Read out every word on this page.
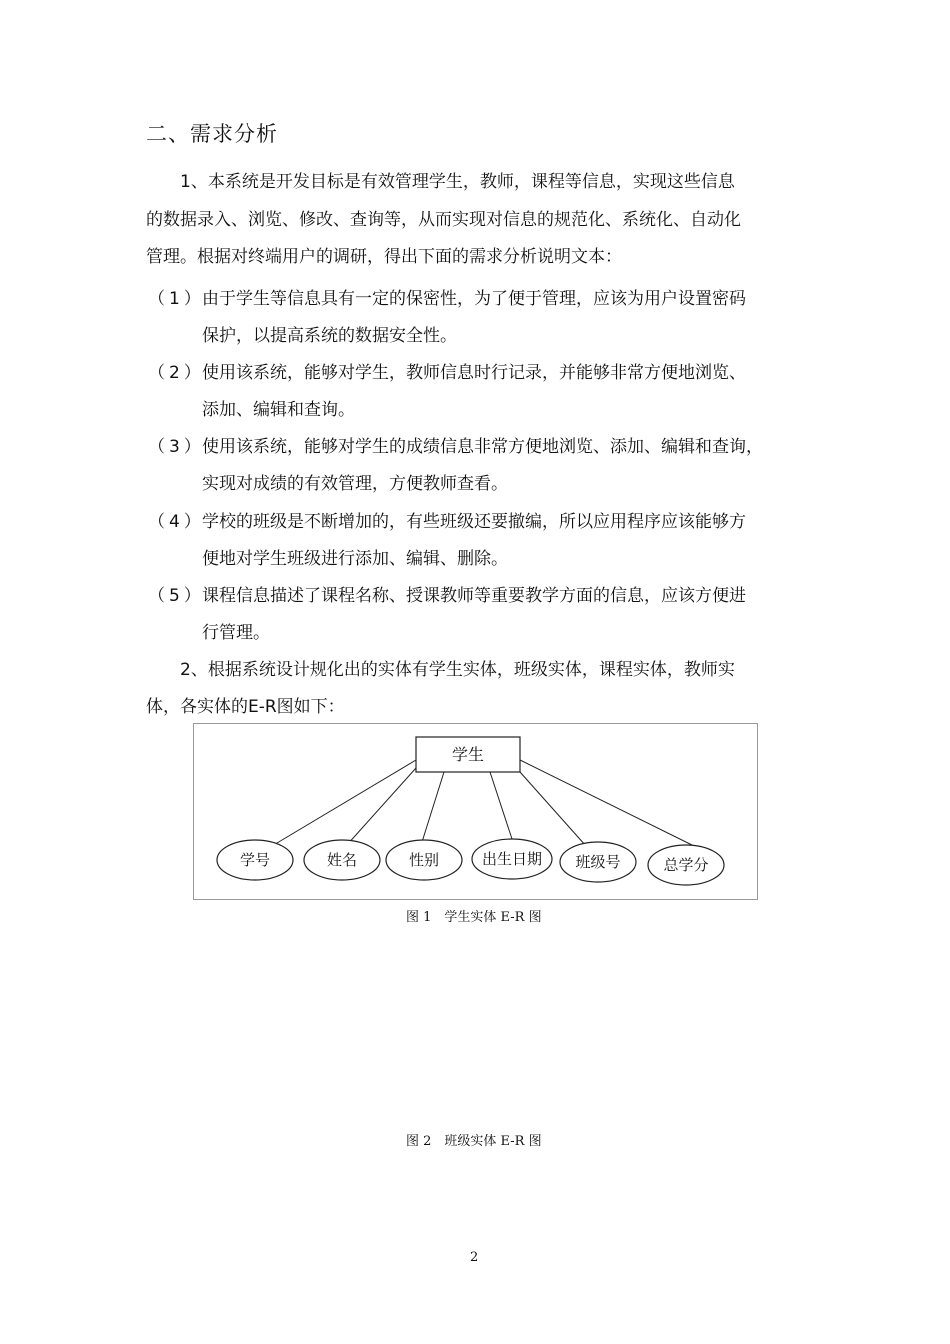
二、需求分析
1、本系统是开发目标是有效管理学生，教师，课程等信息，实现这些信息
的数据录入、浏览、修改、查询等，从而实现对信息的规范化、系统化、自动化
管理。根据对终端用户的调研，得出下面的需求分析说明文本：
（1）
由于学生等信息具有一定的保密性，为了便于管理，应该为用户设置密码
保护，以提高系统的数据安全性。
（2）
使用该系统，能够对学生，教师信息时行记录，并能够非常方便地浏览、
添加、编辑和查询。
（3）
使用该系统，能够对学生的成绩信息非常方便地浏览、添加、编辑和查询，
实现对成绩的有效管理，方便教师查看。
（4）
学校的班级是不断增加的，有些班级还要撤编，所以应用程序应该能够方
便地对学生班级进行添加、编辑、删除。
（5）
课程信息描述了课程名称、授课教师等重要教学方面的信息，应该方便进
行管理。
2、根据系统设计规化出的实体有学生实体，班级实体，课程实体，教师实
体，各实体的E-R图如下：
学生
学号	姓名	性别	出生日期 班级号	总学分
图 1　学生实体 E-R 图
图 2　班级实体 E-R 图
2
